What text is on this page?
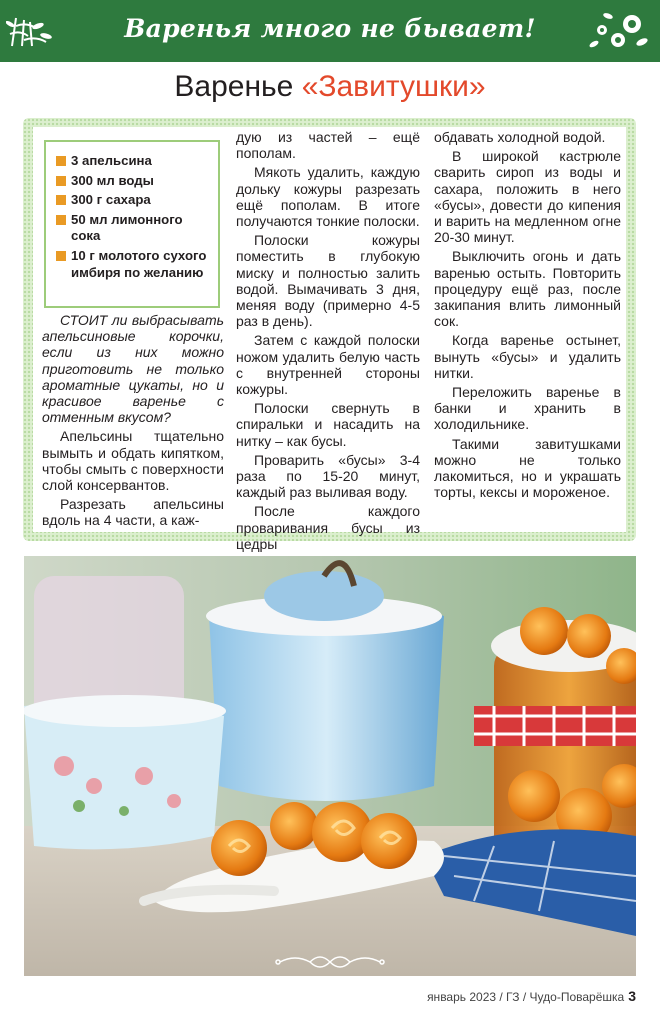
Варенья много не бывает!
Варенье «Завитушки»
3 апельсина
300 мл воды
300 г сахара
50 мл лимонного сока
10 г молотого сухого имбиря по желанию

СТОИТ ли выбрасывать апельсиновые корочки, если из них можно приготовить не только ароматные цукаты, но и красивое варенье с отменным вкусом?

Апельсины тщательно вымыть и обдать кипятком, чтобы смыть с поверхности слой консервантов.

Разрезать апельсины вдоль на 4 части, а каж-

дую из частей – ещё пополам.

Мякоть удалить, каждую дольку кожуры разрезать ещё пополам. В итоге получаются тонкие полоски.

Полоски кожуры поместить в глубокую миску и полностью залить водой. Вымачивать 3 дня, меняя воду (примерно 4-5 раз в день).

Затем с каждой полоски ножом удалить белую часть с внутренней стороны кожуры.

Полоски свернуть в спиральки и насадить на нитку – как бусы.

Проварить «бусы» 3-4 раза по 15-20 минут, каждый раз выливая воду.

После каждого проваривания бусы из цедры

обдавать холодной водой.

В широкой кастрюле сварить сироп из воды и сахара, положить в него «бусы», довести до кипения и варить на медленном огне 20-30 минут.

Выключить огонь и дать варенью остыть. Повторить процедуру ещё раз, после закипания влить лимонный сок.

Когда варенье остынет, вынуть «бусы» и удалить нитки.

Переложить варенье в банки и хранить в холодильнике.

Такими завитушками можно не только лакомиться, но и украшать торты, кексы и мороженое.

январь 2023 / ГЗ / Чудо-Поварёшка 3
